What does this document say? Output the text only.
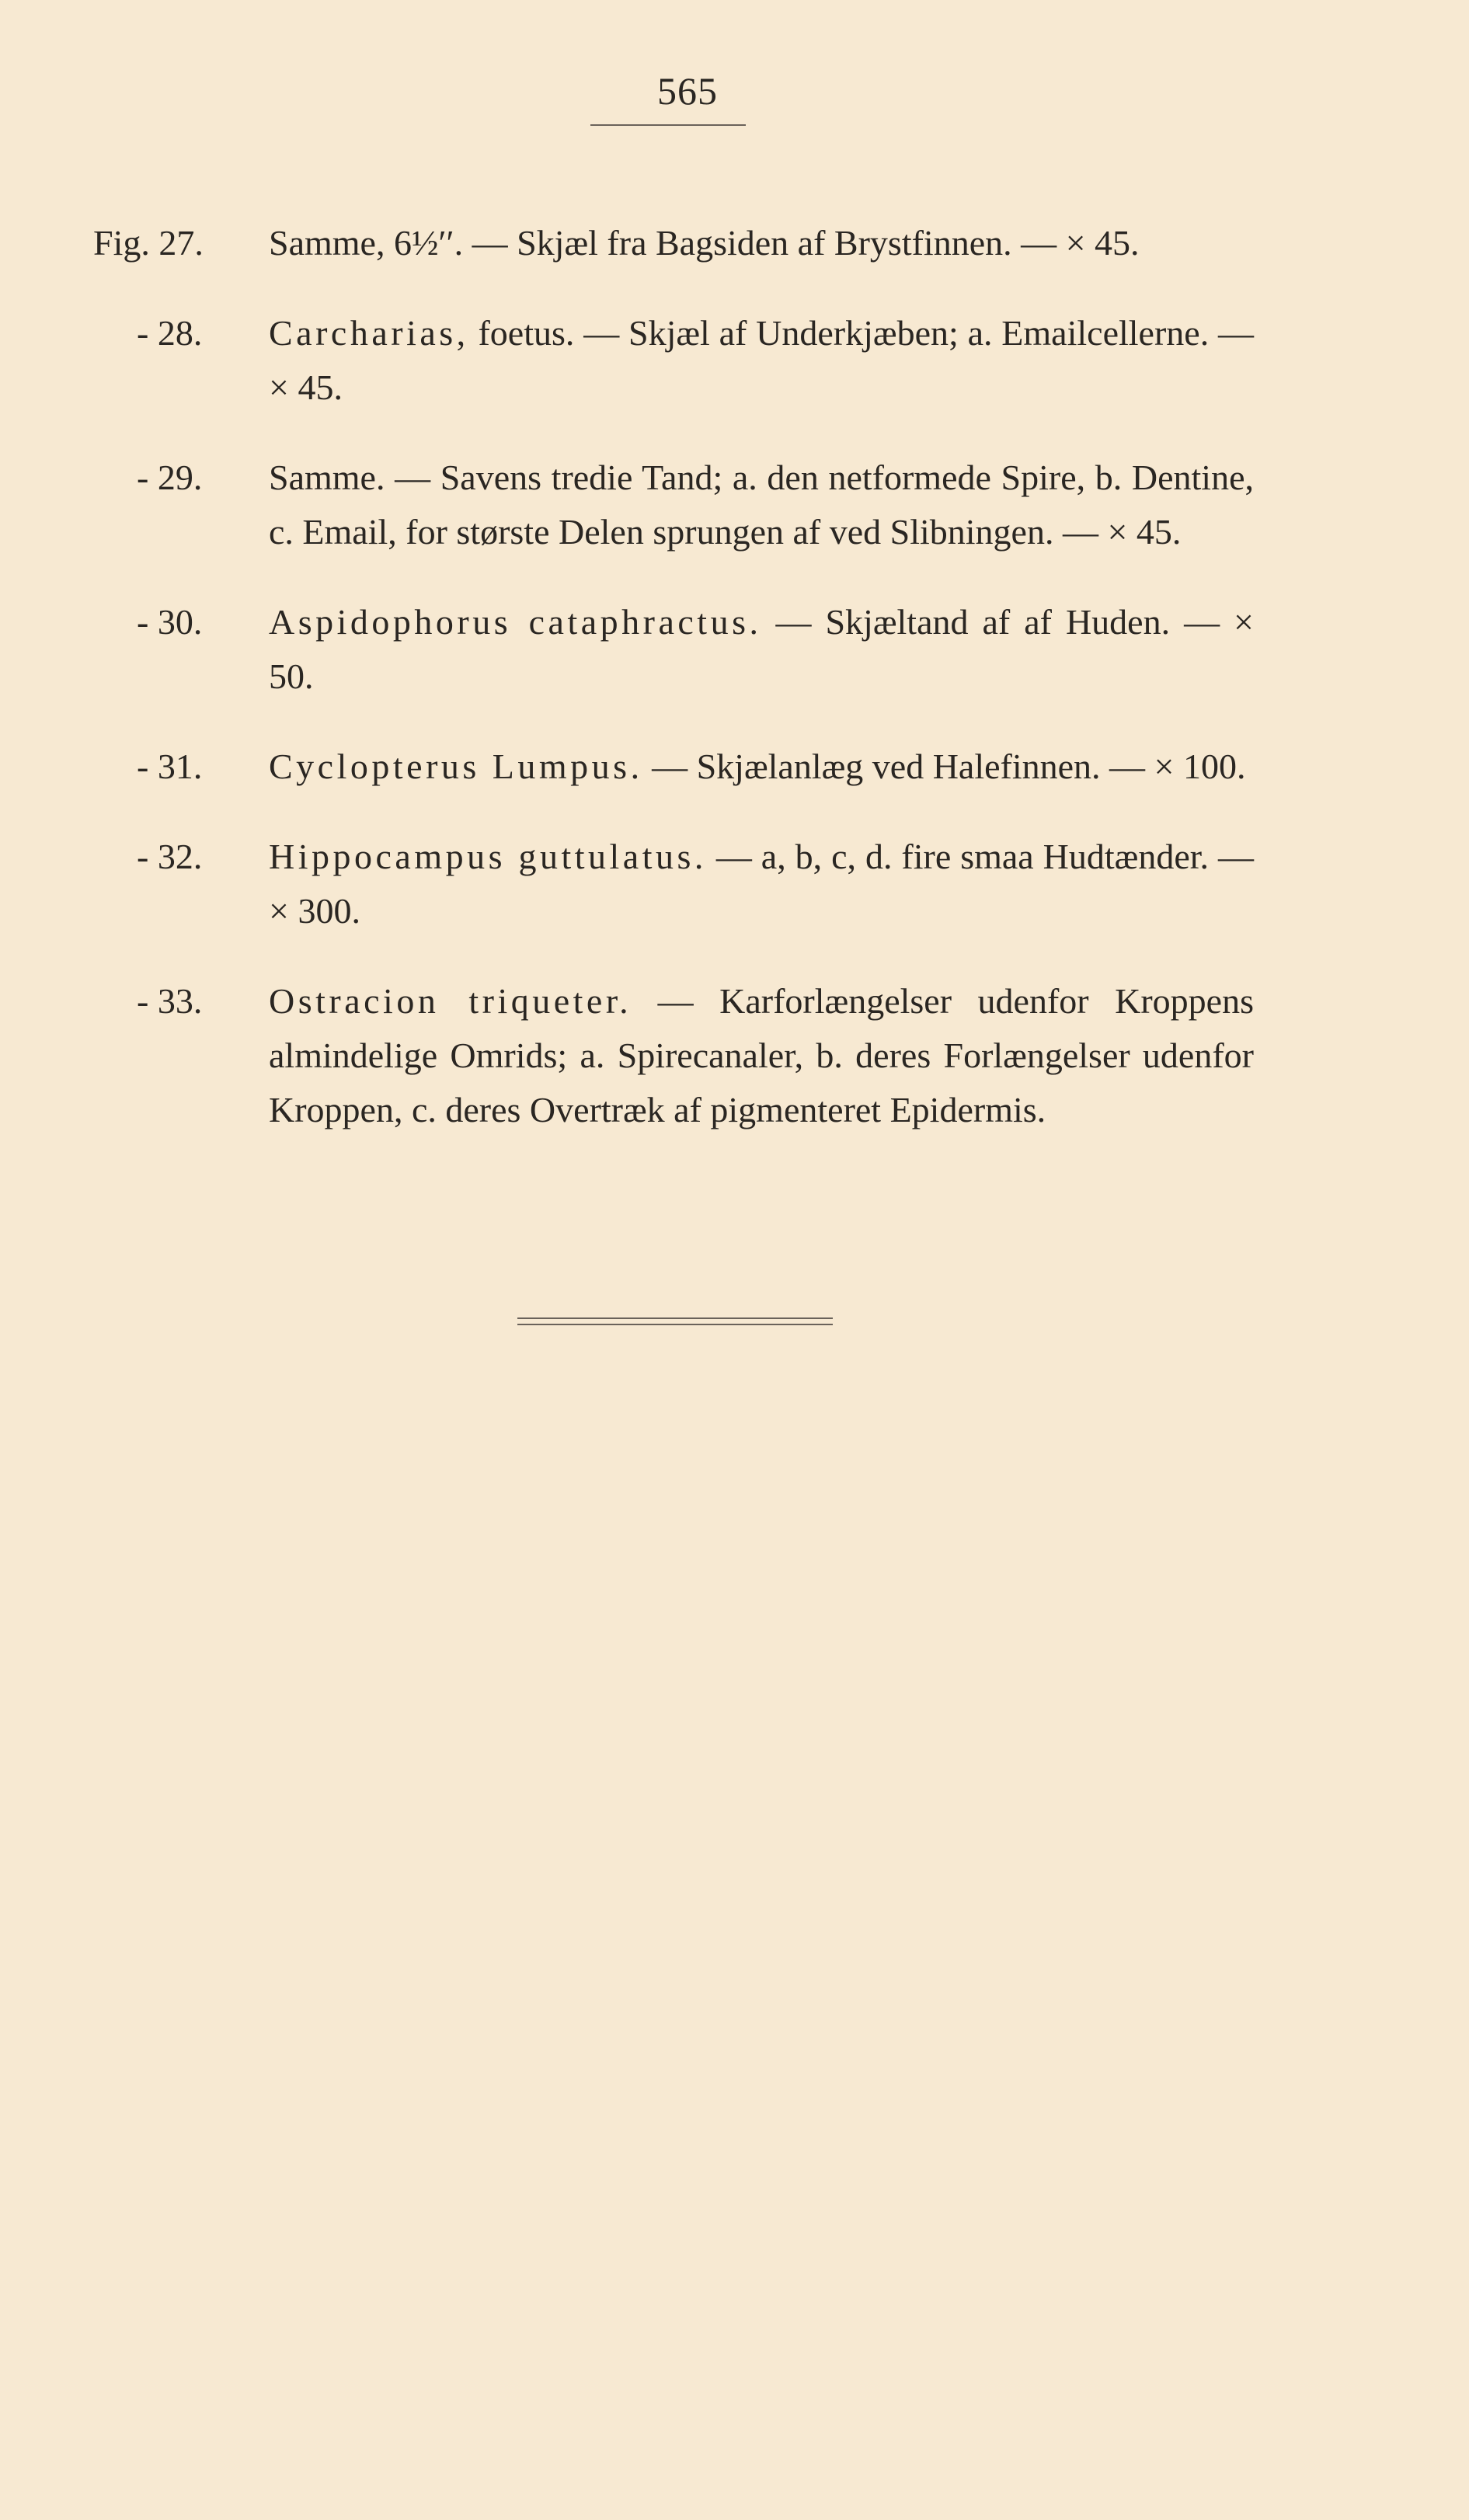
565
Fig. 27.	Samme, 6½′′. — Skjæl fra Bagsiden af Brystfinnen. — × 45.

- 28.	Carcharias, foetus. — Skjæl af Underkjæben; a. Emailcellerne. — × 45.

- 29.	Samme. — Savens tredie Tand; a. den netformede Spire, b. Dentine, c. Email, for største Delen sprungen af ved Slibningen. — × 45.

- 30.	Aspidophorus cataphractus. — Skjæltand af af Huden. — × 50.

- 31.	Cyclopterus Lumpus. — Skjælanlæg ved Halefinnen. — × 100.

- 32.	Hippocampus guttulatus. — a, b, c, d. fire smaa Hudtænder. — × 300.

- 33.	Ostracion triqueter. — Karforlængelser udenfor Kroppens almindelige Omrids; a. Spirecanaler, b. deres Forlængelser udenfor Kroppen, c. deres Overtræk af pigmenteret Epidermis.
